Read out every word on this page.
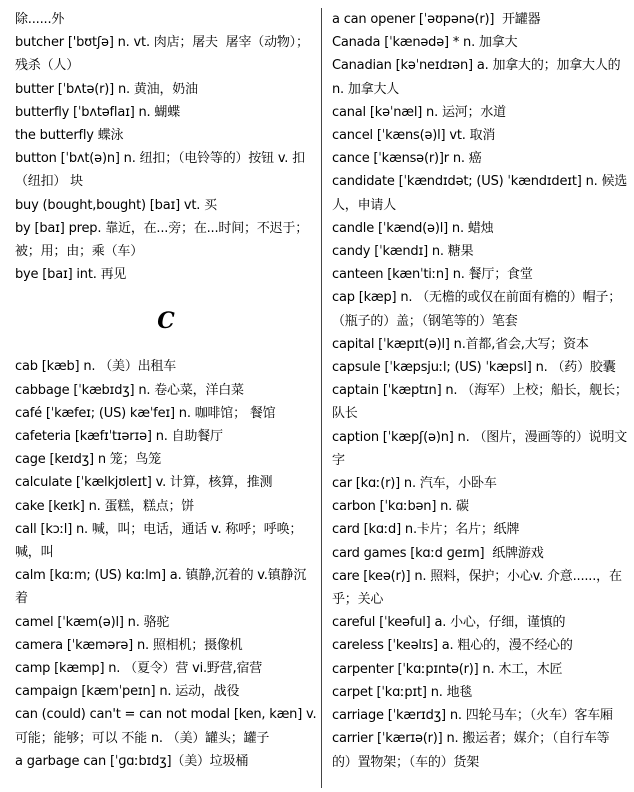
除......外
butcher ['bʊtʃə] n. vt. 肉店；屠夫  屠宰（动物）；残杀（人）
butter [ˈbʌtə(r)] n. 黄油，奶油
butterfly [ˈbʌtəflaɪ] n. 蝴蝶
the butterfly 蝶泳
button [ˈbʌt(ə)n] n. 纽扣；（电铃等的）按钮 v. 扣（纽扣） 块
buy (bought,bought) [baɪ] vt. 买
by [baɪ] prep. 靠近，在...旁；在...时间；不迟于；被；用；由；乘（车）
bye [baɪ] int. 再见
C
cab [kæb] n. （美）出租车
cabbage [ˈkæbɪdʒ] n. 卷心菜，洋白菜
café [ˈkæfeɪ; (US) kæˈfeɪ] n. 咖啡馆； 餐馆
cafeteria [kæfɪˈtɪərɪə] n. 自助餐厅
cage [keɪdʒ] n 笼；鸟笼
calculate [ˈkælkjʊleɪt] v. 计算，核算，推测
cake [keɪk] n. 蛋糕，糕点；饼
call [kɔːl] n. 喊，叫；电话，通话 v. 称呼；呼唤；喊，叫
calm [kɑːm; (US) kɑːlm] a. 镇静,沉着的 v.镇静沉着
camel [ˈkæm(ə)l] n. 骆驼
camera [ˈkæmərə] n. 照相机；摄像机
camp [kæmp] n. （夏令）营 vi.野营,宿营
campaign [kæmˈpeɪn] n. 运动，战役
can (could) can't = can not modal [ken, kæn] v. 可能；能够；可以 不能 n. （美）罐头；罐子
a garbage can [ˈɡɑːbɪdʒ]（美）垃圾桶
a can opener [ˈəʊpənə(r)]  开罐器
Canada [ˈkænədə] * n. 加拿大
Canadian [kəˈneɪdɪən] a. 加拿大的；加拿大人的 n. 加拿大人
canal [kəˈnæl] n. 运河；水道
cancel [ˈkæns(ə)l] vt. 取消
cance [ˈkænsə(r)]r n. 癌
candidate [ˈkændɪdət; (US) ˈkændɪdeɪt] n. 候选人，申请人
candle [ˈkænd(ə)l] n. 蜡烛
candy [ˈkændɪ] n. 糖果
canteen [kænˈtiːn] n. 餐厅；食堂
cap [kæp] n. （无檐的或仅在前面有檐的）帽子；（瓶子的）盖；（钢笔等的）笔套
capital [ˈkæpɪt(ə)l] n.首都,省会,大写；资本
capsule [ˈkæpsjuːl; (US) ˈkæpsl] n. （药）胶囊
captain [ˈkæptɪn] n. （海军）上校；船长，舰长；队长
caption [ˈkæpʃ(ə)n] n. （图片，漫画等的）说明文字
car [kɑː(r)] n. 汽车，小卧车
carbon [ˈkɑːbən] n. 碳
card [kɑːd] n.卡片；名片；纸牌
card games [kɑːd ɡeɪm]  纸牌游戏
care [keə(r)] n. 照料，保护；小心v. 介意......，在乎；关心
careful [ˈkeəful] a. 小心，仔细，谨慎的
careless [ˈkeəlɪs] a. 粗心的，漫不经心的
carpenter [ˈkɑːpɪntə(r)] n. 木工，木匠
carpet [ˈkɑːpɪt] n. 地毯
carriage [ˈkærɪdʒ] n. 四轮马车；（火车）客车厢
carrier [ˈkærɪə(r)] n. 搬运者；媒介；（自行车等的）置物架；（车的）货架
